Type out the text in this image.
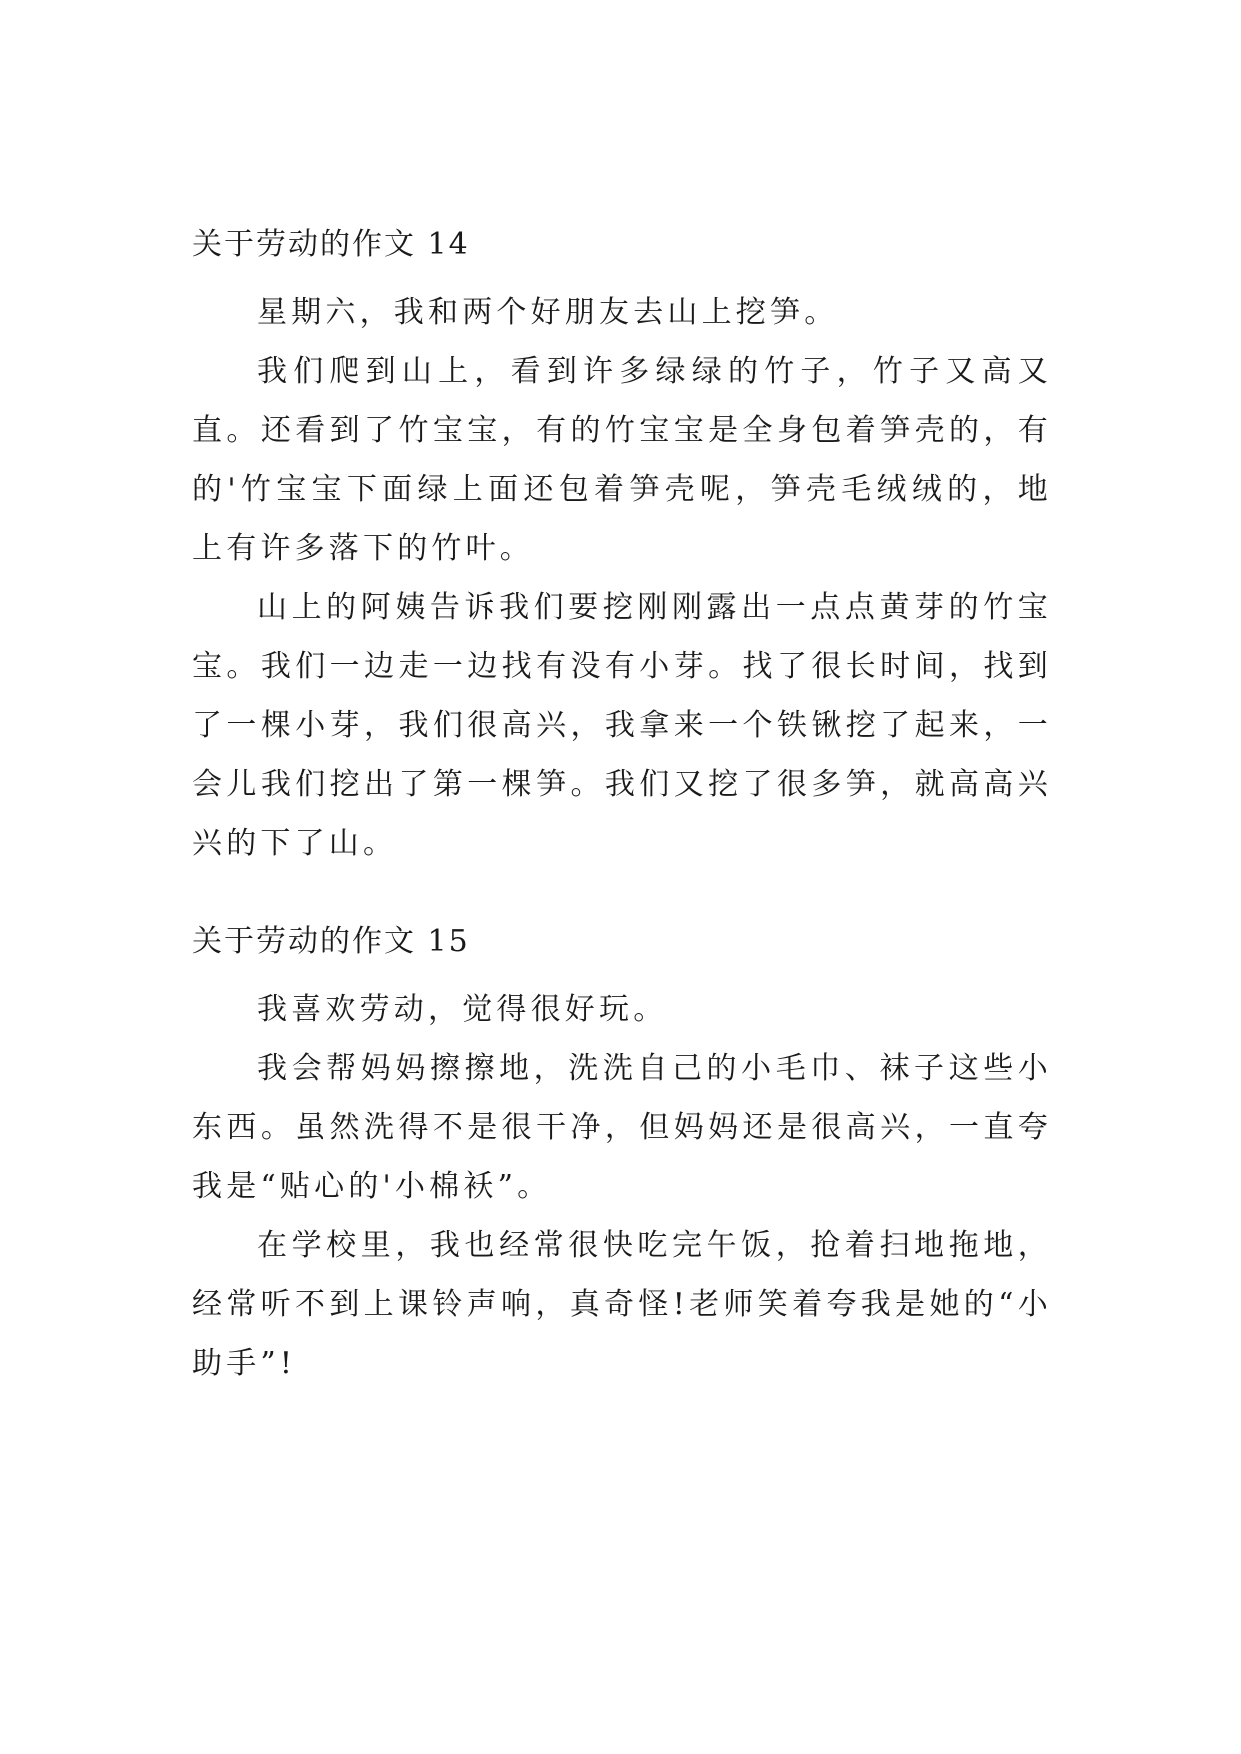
关于劳动的作文 14

星期六，我和两个好朋友去山上挖笋。

我们爬到山上，看到许多绿绿的竹子，竹子又高又直。还看到了竹宝宝，有的竹宝宝是全身包着笋壳的，有的'竹宝宝下面绿上面还包着笋壳呢，笋壳毛绒绒的，地上有许多落下的竹叶。

山上的阿姨告诉我们要挖刚刚露出一点点黄芽的竹宝宝。我们一边走一边找有没有小芽。找了很长时间，找到了一棵小芽，我们很高兴，我拿来一个铁锹挖了起来，一会儿我们挖出了第一棵笋。我们又挖了很多笋，就高高兴兴的下了山。

关于劳动的作文 15

我喜欢劳动，觉得很好玩。

我会帮妈妈擦擦地，洗洗自己的小毛巾、袜子这些小东西。虽然洗得不是很干净，但妈妈还是很高兴，一直夸我是“贴心的'小棉袄”。

在学校里，我也经常很快吃完午饭，抢着扫地拖地，经常听不到上课铃声响，真奇怪!老师笑着夸我是她的“小助手”!
